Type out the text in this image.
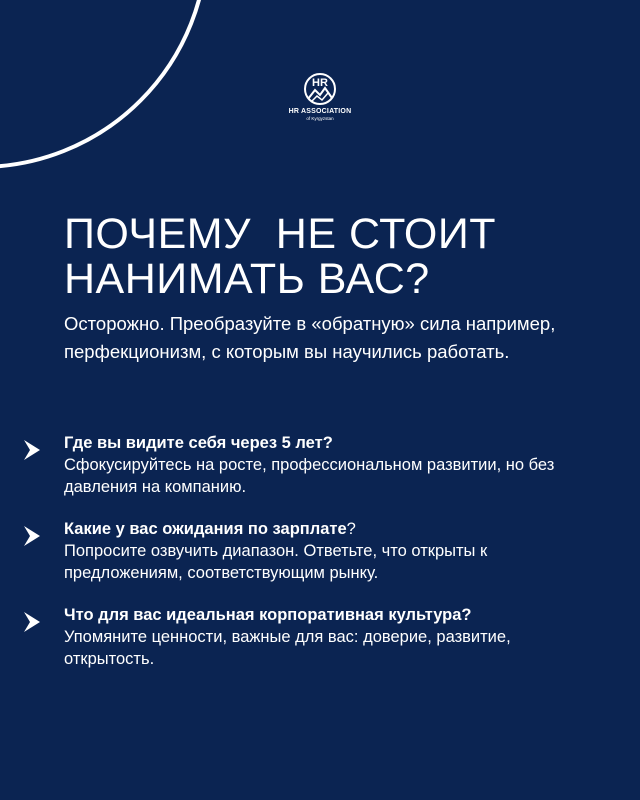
HR
HR ASSOCIATION
of Kyrgyzstan
ПОЧЕМУ  НЕ СТОИТ
НАНИМАТЬ ВАС?

Осторожно. Преобразуйте в «обратную» сила например, перфекционизм, с которым вы научились работать.

Где вы видите себя через 5 лет?
Сфокусируйтесь на росте, профессиональном развитии, но без давления на компанию.
Какие у вас ожидания по зарплате?
Попросите озвучить диапазон. Ответьте, что открыты к предложениям, соответствующим рынку.
Что для вас идеальная корпоративная культура?
Упомяните ценности, важные для вас: доверие, развитие, открытость.
